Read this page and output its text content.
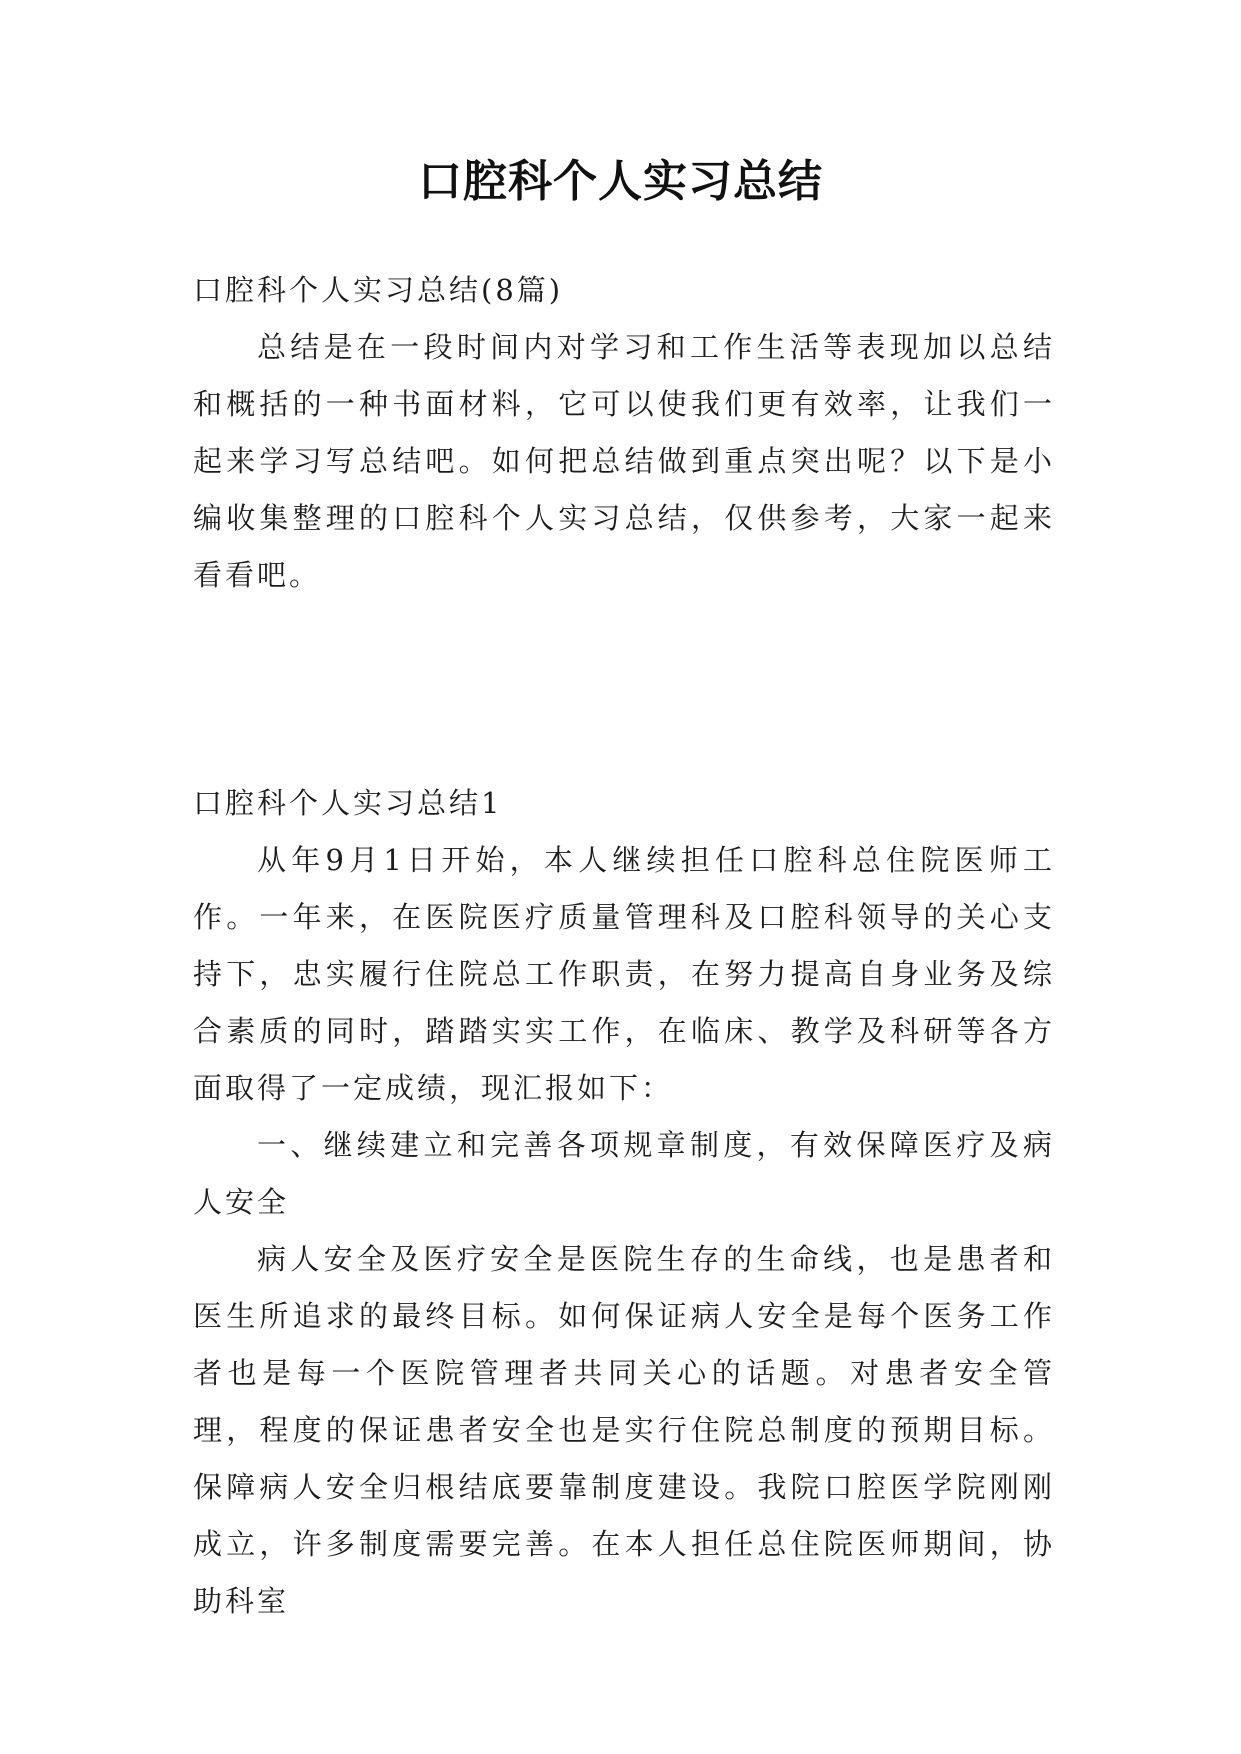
口腔科个人实习总结

口腔科个人实习总结(8篇)

总结是在一段时间内对学习和工作生活等表现加以总结和概括的一种书面材料，它可以使我们更有效率，让我们一起来学习写总结吧。如何把总结做到重点突出呢？以下是小编收集整理的口腔科个人实习总结，仅供参考，大家一起来看看吧。

口腔科个人实习总结1

从年9月1日开始，本人继续担任口腔科总住院医师工作。一年来，在医院医疗质量管理科及口腔科领导的关心支持下，忠实履行住院总工作职责，在努力提高自身业务及综合素质的同时，踏踏实实工作，在临床、教学及科研等各方面取得了一定成绩，现汇报如下：

一、继续建立和完善各项规章制度，有效保障医疗及病人安全

病人安全及医疗安全是医院生存的生命线，也是患者和医生所追求的最终目标。如何保证病人安全是每个医务工作者也是每一个医院管理者共同关心的话题。对患者安全管理，程度的保证患者安全也是实行住院总制度的预期目标。保障病人安全归根结底要靠制度建设。我院口腔医学院刚刚成立，许多制度需要完善。在本人担任总住院医师期间，协助科室
